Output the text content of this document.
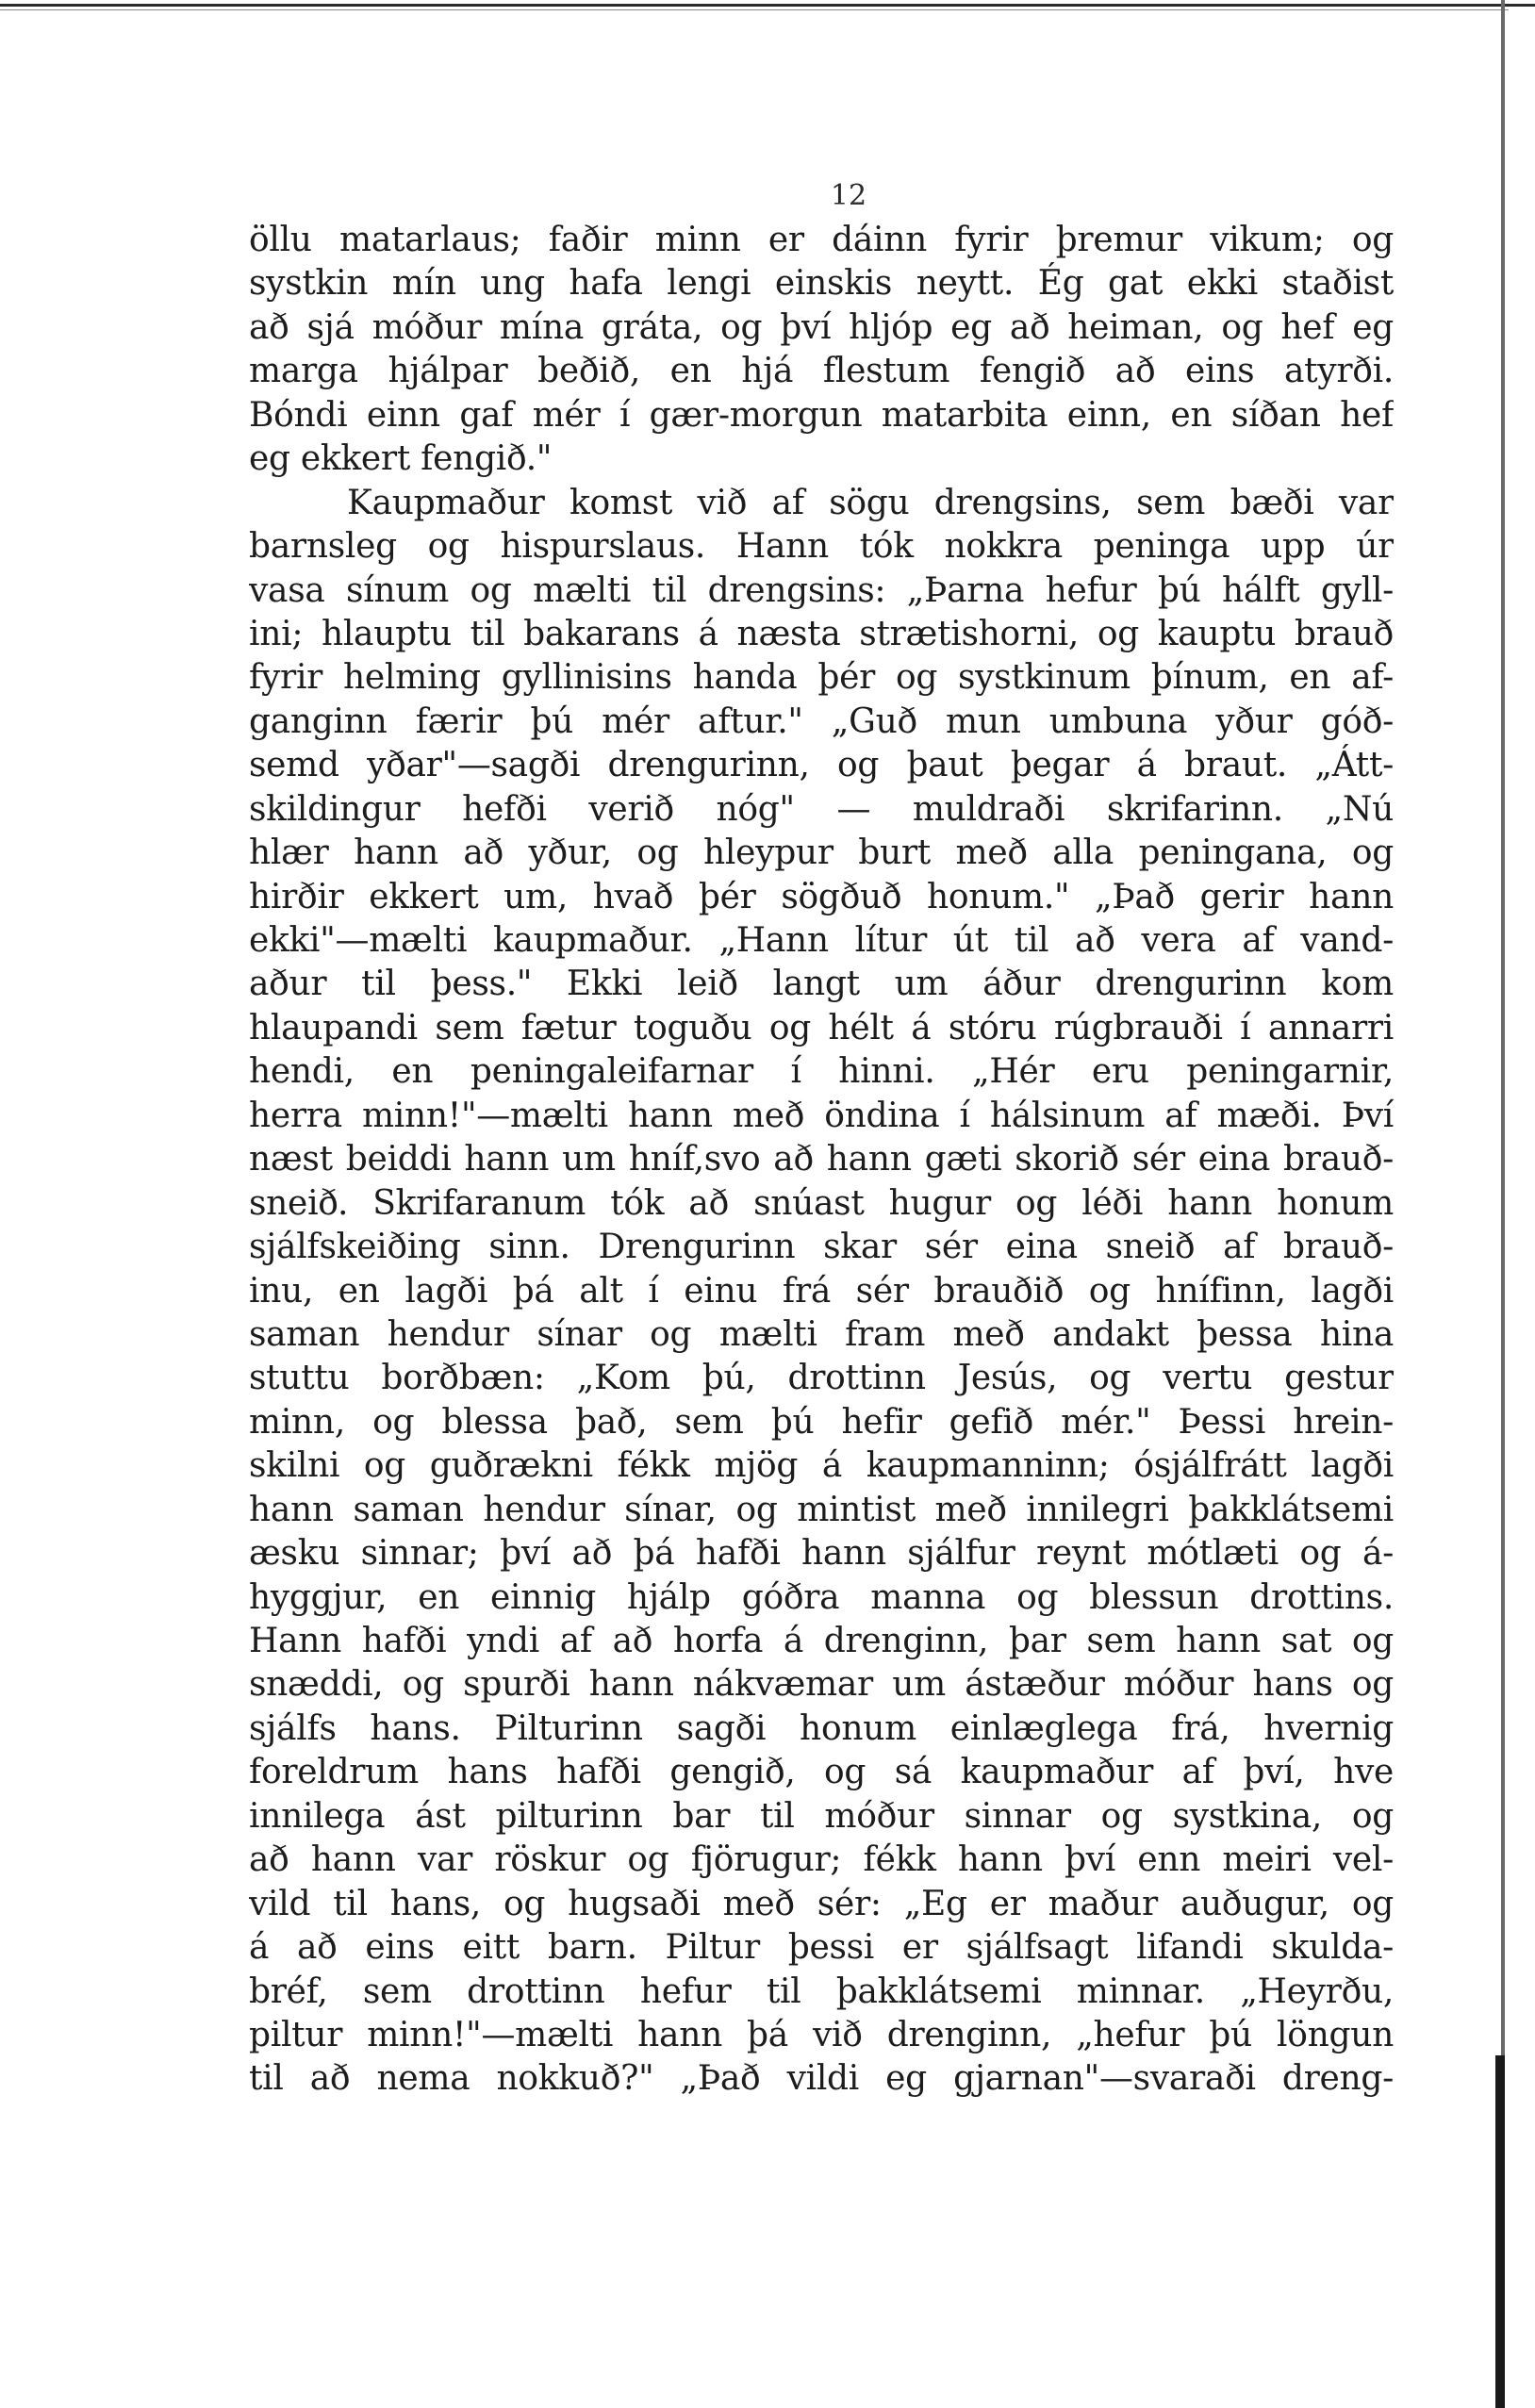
12
öllu matarlaus; faðir minn er dáinn fyrir þremur vikum; og
systkin mín ung hafa lengi einskis neytt. Ég gat ekki staðist
að sjá móður mína gráta, og því hljóp eg að heiman, og hef eg
marga hjálpar beðið, en hjá flestum fengið að eins atyrði.
Bóndi einn gaf mér í gær-morgun matarbita einn, en síðan hef
eg ekkert fengið."
Kaupmaður komst við af sögu drengsins, sem bæði var
barnsleg og hispurslaus. Hann tók nokkra peninga upp úr
vasa sínum og mælti til drengsins: „Þarna hefur þú hálft gyll-
ini; hlauptu til bakarans á næsta strætishorni, og kauptu brauð
fyrir helming gyllinisins handa þér og systkinum þínum, en af-
ganginn færir þú mér aftur." „Guð mun umbuna yður góð-
semd yðar"—sagði drengurinn, og þaut þegar á braut. „Átt-
skildingur hefði verið nóg" — muldraði skrifarinn. „Nú
hlær hann að yður, og hleypur burt með alla peningana, og
hirðir ekkert um, hvað þér sögðuð honum." „Það gerir hann
ekki"—mælti kaupmaður. „Hann lítur út til að vera af vand-
aður til þess." Ekki leið langt um áður drengurinn kom
hlaupandi sem fætur toguðu og hélt á stóru rúgbrauði í annarri
hendi, en peningaleifarnar í hinni. „Hér eru peningarnir,
herra minn!"—mælti hann með öndina í hálsinum af mæði. Því
næst beiddi hann um hníf,svo að hann gæti skorið sér eina brauð-
sneið. Skrifaranum tók að snúast hugur og léði hann honum
sjálfskeiðing sinn. Drengurinn skar sér eina sneið af brauð-
inu, en lagði þá alt í einu frá sér brauðið og hnífinn, lagði
saman hendur sínar og mælti fram með andakt þessa hina
stuttu borðbæn: „Kom þú, drottinn Jesús, og vertu gestur
minn, og blessa það, sem þú hefir gefið mér." Þessi hrein-
skilni og guðrækni fékk mjög á kaupmanninn; ósjálfrátt lagði
hann saman hendur sínar, og mintist með innilegri þakklátsemi
æsku sinnar; því að þá hafði hann sjálfur reynt mótlæti og á-
hyggjur, en einnig hjálp góðra manna og blessun drottins.
Hann hafði yndi af að horfa á drenginn, þar sem hann sat og
snæddi, og spurði hann nákvæmar um ástæður móður hans og
sjálfs hans. Pilturinn sagði honum einlæglega frá, hvernig
foreldrum hans hafði gengið, og sá kaupmaður af því, hve
innilega ást pilturinn bar til móður sinnar og systkina, og
að hann var röskur og fjörugur; fékk hann því enn meiri vel-
vild til hans, og hugsaði með sér: „Eg er maður auðugur, og
á að eins eitt barn. Piltur þessi er sjálfsagt lifandi skulda-
bréf, sem drottinn hefur til þakklátsemi minnar. „Heyrðu,
piltur minn!"—mælti hann þá við drenginn, „hefur þú löngun
til að nema nokkuð?" „Það vildi eg gjarnan"—svaraði dreng-
